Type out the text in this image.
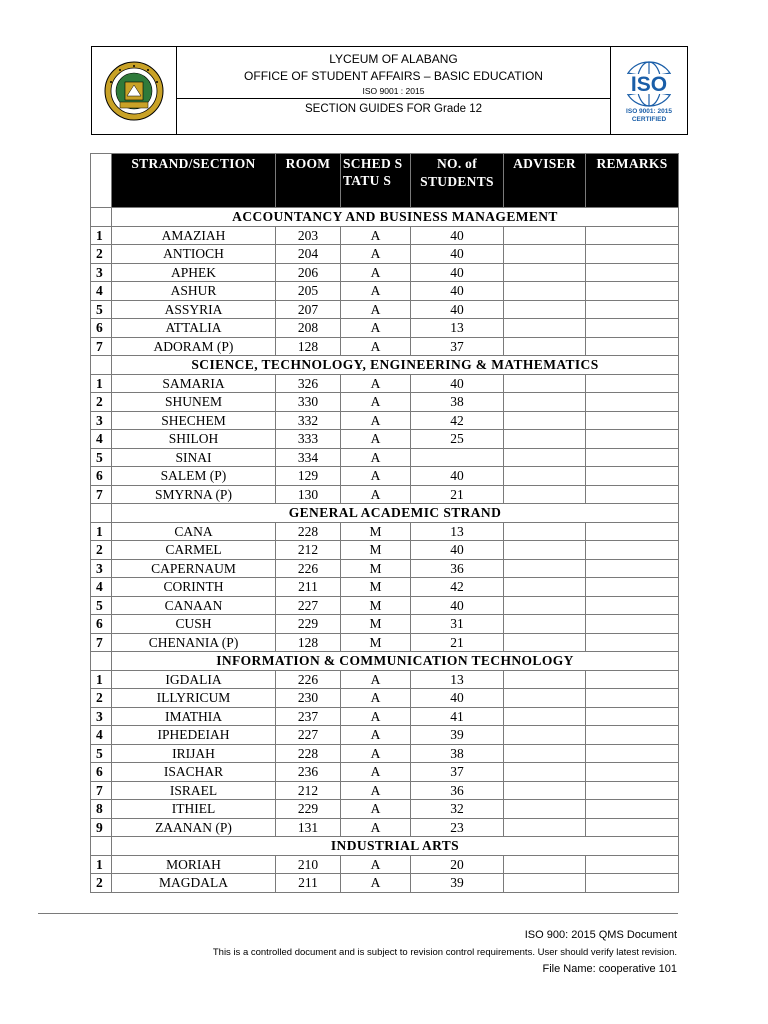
LYCEUM OF ALABANG
OFFICE OF STUDENT AFFAIRS – BASIC EDUCATION
ISO 9001 : 2015
SECTION GUIDES FOR Grade 12
ISO
ISO 9001: 2015
CERTIFIED
	STRAND/SECTION	ROOM	SCHED STATU S	NO. of STUDENTS	ADVISER	REMARKS
	ACCOUNTANCY AND BUSINESS MANAGEMENT					
1	AMAZIAH	203	A	40		
2	ANTIOCH	204	A	40		
3	APHEK	206	A	40		
4	ASHUR	205	A	40		
5	ASSYRIA	207	A	40		
6	ATTALIA	208	A	13		
7	ADORAM (P)	128	A	37		
	SCIENCE, TECHNOLOGY, ENGINEERING & MATHEMATICS					
1	SAMARIA	326	A	40		
2	SHUNEM	330	A	38		
3	SHECHEM	332	A	42		
4	SHILOH	333	A	25		
5	SINAI	334	A			
6	SALEM (P)	129	A	40		
7	SMYRNA (P)	130	A	21		
	GENERAL ACADEMIC STRAND					
1	CANA	228	M	13		
2	CARMEL	212	M	40		
3	CAPERNAUM	226	M	36		
4	CORINTH	211	M	42		
5	CANAAN	227	M	40		
6	CUSH	229	M	31		
7	CHENANIA (P)	128	M	21		
	INFORMATION & COMMUNICATION TECHNOLOGY					
1	IGDALIA	226	A	13		
2	ILLYRICUM	230	A	40		
3	IMATHIA	237	A	41		
4	IPHEDEIAH	227	A	39		
5	IRIJAH	228	A	38		
6	ISACHAR	236	A	37		
7	ISRAEL	212	A	36		
8	ITHIEL	229	A	32		
9	ZAANAN (P)	131	A	23		
	INDUSTRIAL ARTS					
1	MORIAH	210	A	20		
2	MAGDALA	211	A	39		
ISO 900: 2015 QMS Document
This is a controlled document and is subject to revision control requirements. User should verify latest revision.
File Name: cooperative 101
